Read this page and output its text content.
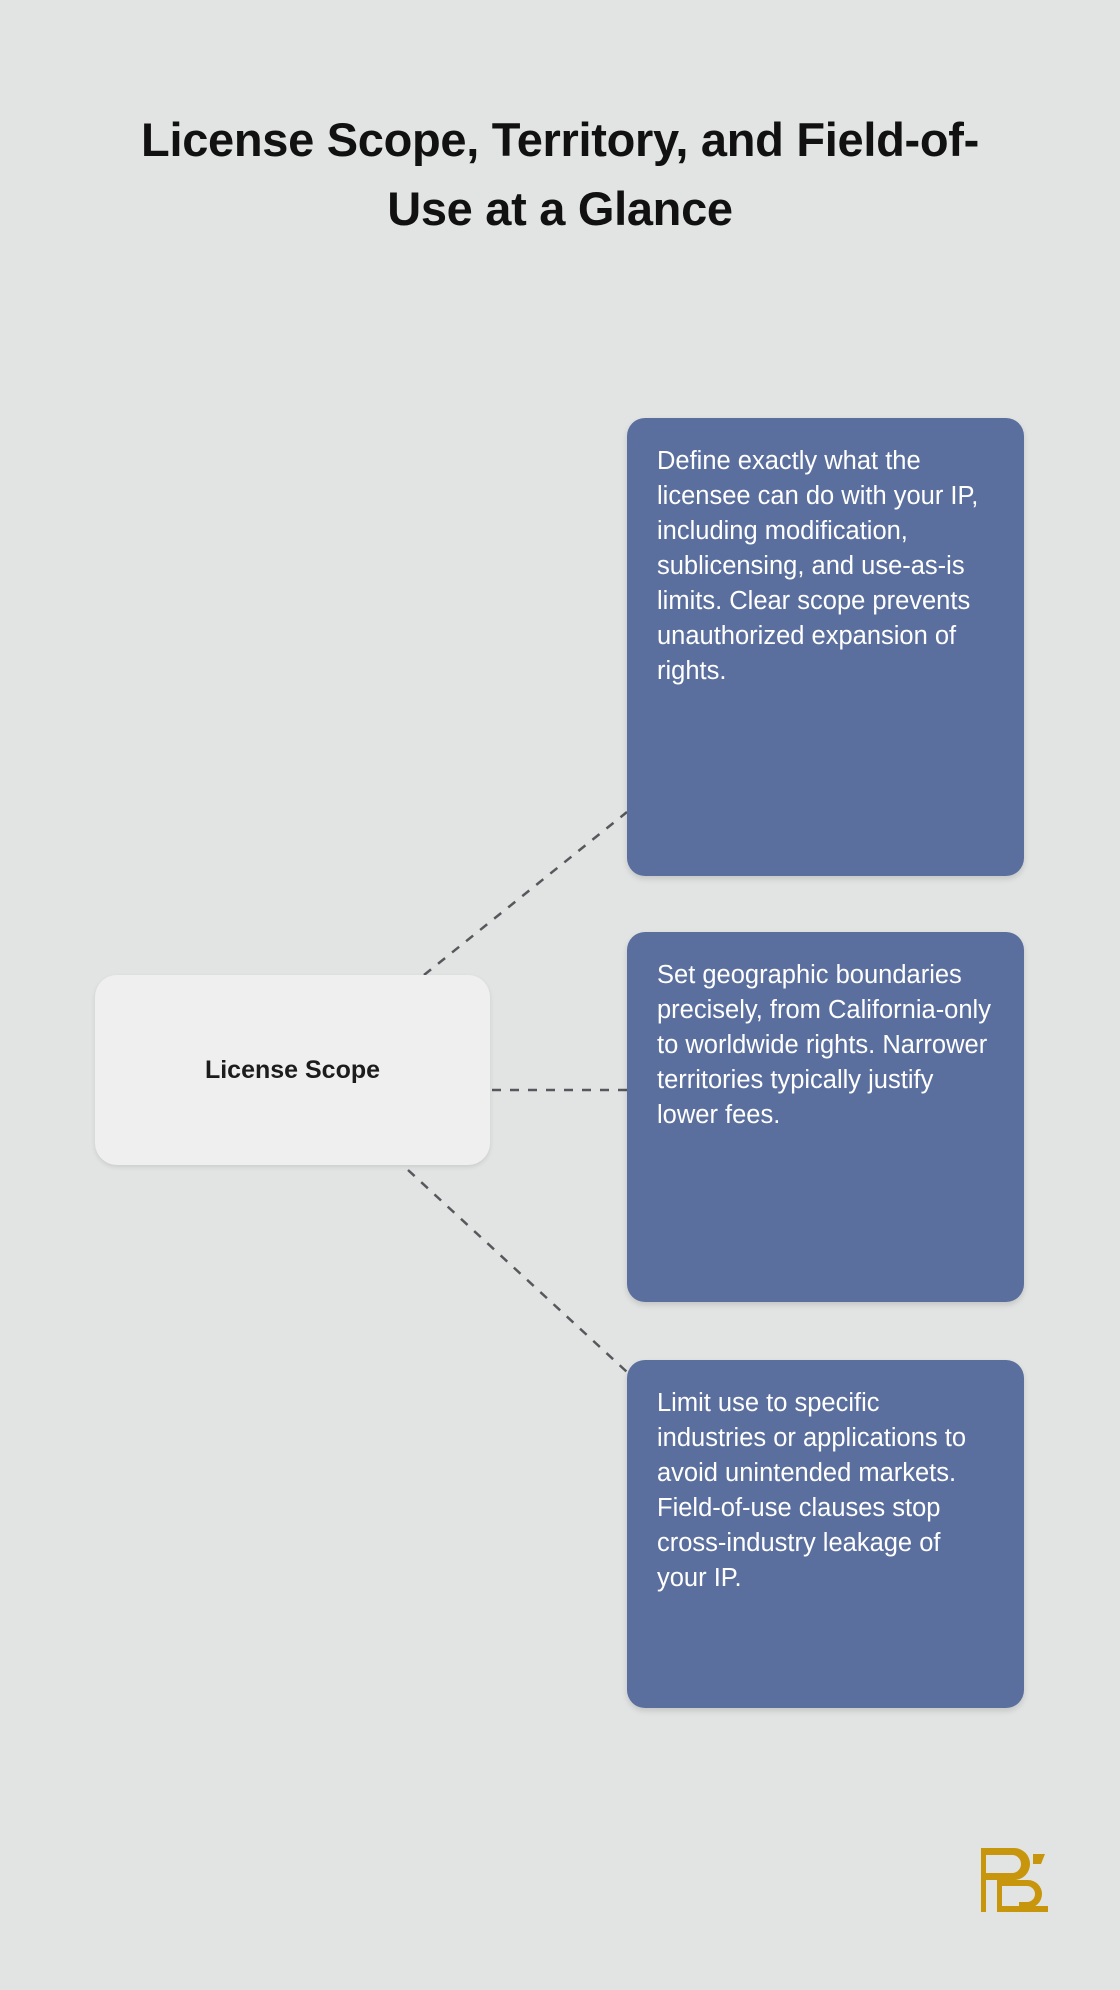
License Scope, Territory, and Field-of-Use at a Glance
License Scope

Define exactly what the licensee can do with your IP, including modification, sublicensing, and use-as-is limits. Clear scope prevents unauthorized expansion of rights.

Set geographic boundaries precisely, from California-only to worldwide rights. Narrower territories typically justify lower fees.

Limit use to specific industries or applications to avoid unintended markets. Field-of-use clauses stop cross-industry leakage of your IP.
